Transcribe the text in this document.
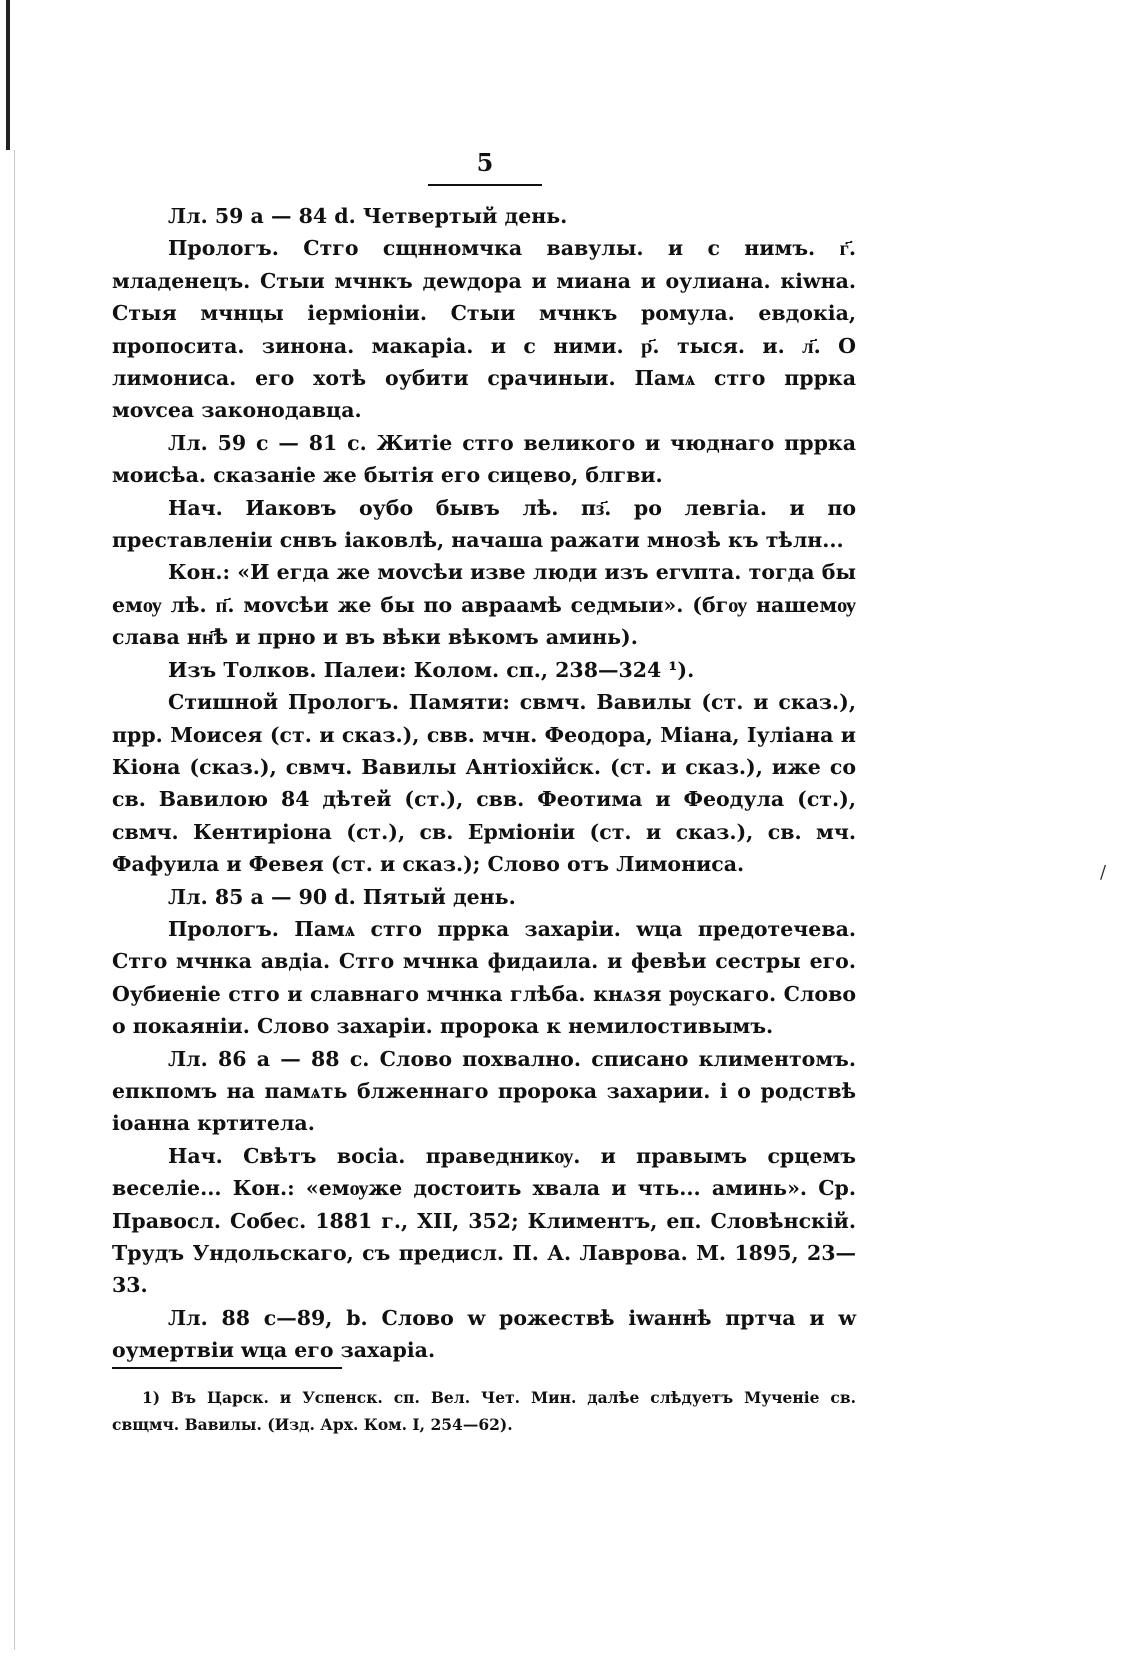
5

Лл. 59 a — 84 d. Четвертый день.

Прологъ. Стго сщнномчка вавулы. и с нимъ. г҃. младенецъ. Стыи мчнкъ деwдора и миана и оулиана. кiwна. Стыя мчнцы iермiонiи. Стыи мчнкъ ромула. евдокiа, пропосита. зинона. макарiа. и с ними. р҃. тыся. и. л҃. О лимониса. его хотѣ оубити срачиныи. Памѧ стго пррка моvсеа законодавца.

Лл. 59 с — 81 с. Житiе стго великого и чюднаго пррка моисѣа. сказанiе же бытiя его сицево, блгви.

Нач. Иаковъ оубо бывъ лѣ. пз҃. ро левгiа. и по преставленiи снвъ iаковлѣ, начаша ражати мнозѣ къ тѣлн...

Кон.: «И егда же моvсѣи изве люди изъ егvпта. тогда бы емѹ лѣ. п҃. моvсѣи же бы по авраамѣ седмыи». (бгѹ нашемѹ слава нн҃ѣ и прно и въ вѣки вѣкомъ аминь).

Изъ Толков. Палеи: Колом. сп., 238—324 ¹).

Стишной Прологъ. Памяти: свмч. Вавилы (ст. и сказ.), прр. Моисея (ст. и сказ.), свв. мчн. Феодора, Міана, Іуліана и Кіона (сказ.), свмч. Вавилы Антіохійск. (ст. и сказ.), иже со св. Вавилою 84 дѣтей (ст.), свв. Феотима и Феодула (ст.), свмч. Кентиріона (ст.), св. Ерміоніи (ст. и сказ.), св. мч. Фафуила и Февея (ст. и сказ.); Слово отъ Лимониса.

Лл. 85 a — 90 d. Пятый день.

Прологъ. Памѧ стго пррка захарiи. wца предотечева. Стго мчнка авдiа. Стго мчнка фидаила. и февѣи сестры его. Оубиенiе стго и славнаго мчнка глѣба. кнѧзя рѹскаго. Слово о покаянiи. Слово захарiи. пророка к немилостивымъ.

Лл. 86 a — 88 с. Слово похвално. списано климентомъ. епкпомъ на памѧть блженнаго пророка захарии. i о родствѣ iоанна кртитела.

Нач. Свѣтъ восiа. праведникѹ. и правымъ срцемъ веселiе... Кон.: «емѹже достоить хвала и чть... аминь». Ср. Правосл. Собес. 1881 г., XII, 352; Климентъ, еп. Словѣнскій. Трудъ Ундольскаго, съ предисл. П. А. Лаврова. М. 1895, 23—33.

Лл. 88 с—89, b. Слово w рожествѣ iwаннѣ пртча и w оумертвiи wца его захарiа.

1) Въ Царск. и Успенск. сп. Вел. Чет. Мин. далѣе слѣдуетъ Мученіе св. свщмч. Вавилы. (Изд. Арх. Ком. I, 254—62).
/
